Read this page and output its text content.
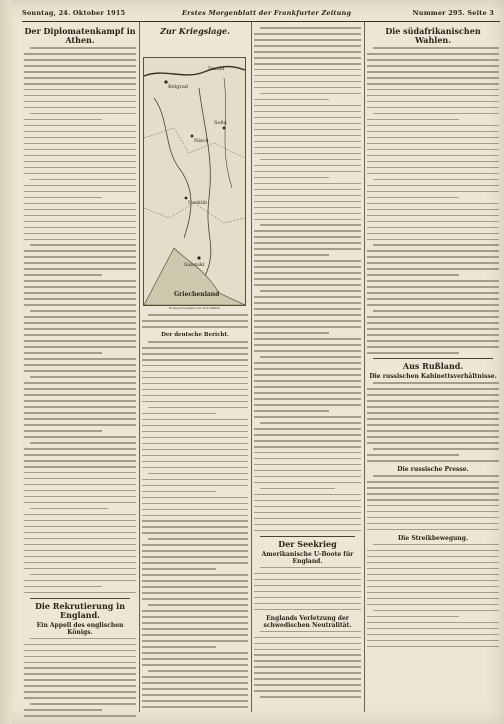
Sonntag, 24. Oktober 1915	Erstes Morgenblatt der Frankfurter Zeitung	Nummer 295. Seite 3
Der Diplomatenkampf in Athen.
Die Rekrutierung in England.
Ein Appell des englischen Königs.
Zur Kriegslage.
Belgrad
Nisch
Sofia
Uesküb
Saloniki
Griechenland
Donau
Kriegsschauplatz auf dem Balkan.
Der deutsche Bericht.
Der Seekrieg
Amerikanische U-Boote für England.
Englands Verletzung der schwedischen Neutralität.
Die südafrikanischen Wahlen.
Aus Rußland.
Die russischen Kabinettsverhältnisse.
Die russische Presse.
Die Streikbewegung.
